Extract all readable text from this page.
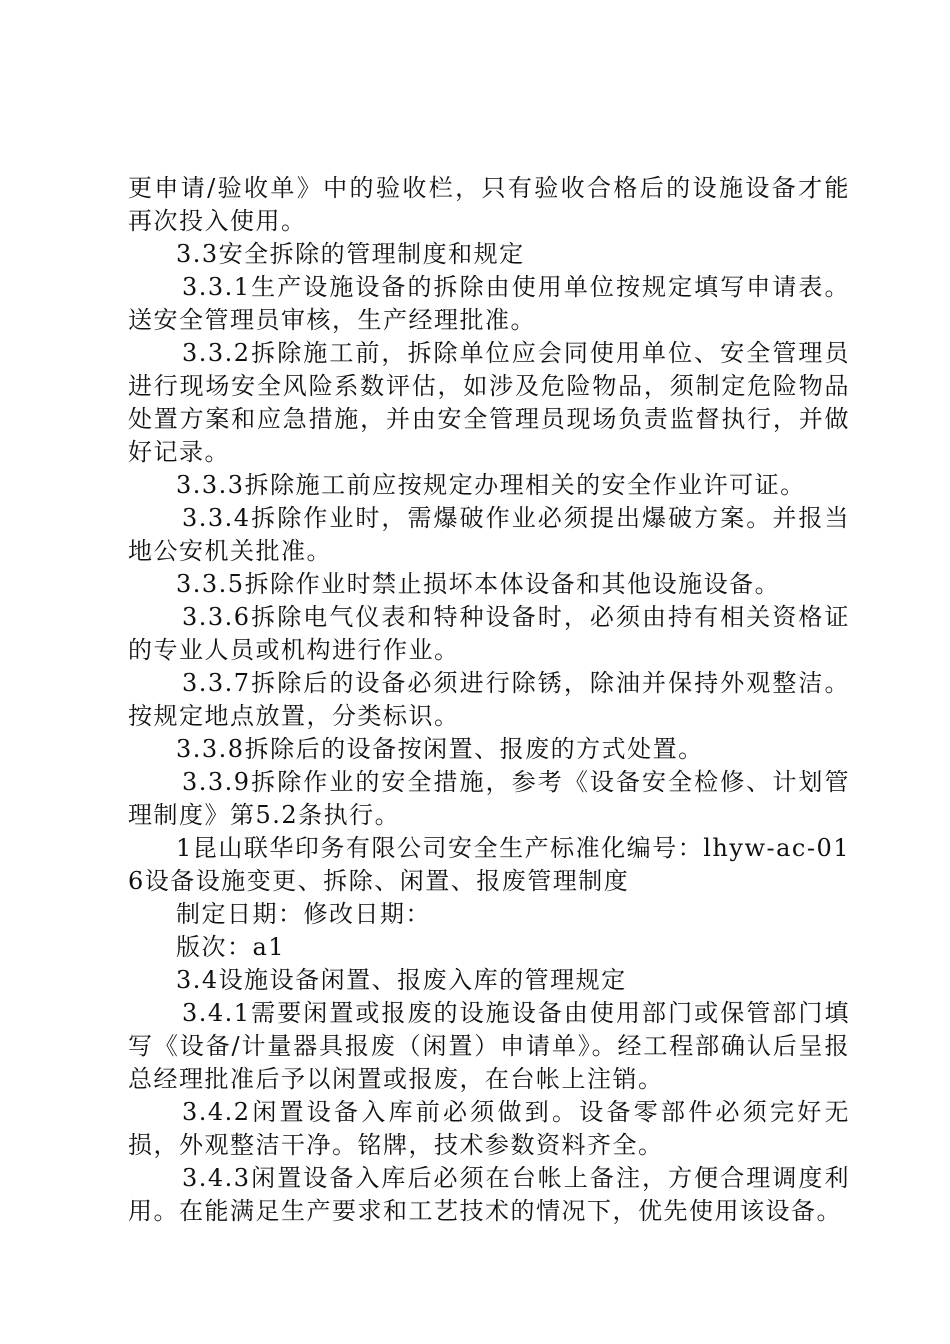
更申请/验收单》中的验收栏，只有验收合格后的设施设备才能再次投入使用。

3.3安全拆除的管理制度和规定

3.3.1生产设施设备的拆除由使用单位按规定填写申请表。送安全管理员审核，生产经理批准。

3.3.2拆除施工前，拆除单位应会同使用单位、安全管理员进行现场安全风险系数评估，如涉及危险物品，须制定危险物品处置方案和应急措施，并由安全管理员现场负责监督执行，并做好记录。

3.3.3拆除施工前应按规定办理相关的安全作业许可证。

3.3.4拆除作业时，需爆破作业必须提出爆破方案。并报当地公安机关批准。

3.3.5拆除作业时禁止损坏本体设备和其他设施设备。

3.3.6拆除电气仪表和特种设备时，必须由持有相关资格证的专业人员或机构进行作业。

3.3.7拆除后的设备必须进行除锈，除油并保持外观整洁。按规定地点放置，分类标识。

3.3.8拆除后的设备按闲置、报废的方式处置。

3.3.9拆除作业的安全措施，参考《设备安全检修、计划管理制度》第5.2条执行。

1昆山联华印务有限公司安全生产标准化编号：lhyw-ac-016设备设施变更、拆除、闲置、报废管理制度

制定日期：修改日期：

版次：a1

3.4设施设备闲置、报废入库的管理规定

3.4.1需要闲置或报废的设施设备由使用部门或保管部门填写《设备/计量器具报废（闲置）申请单》。经工程部确认后呈报总经理批准后予以闲置或报废，在台帐上注销。

3.4.2闲置设备入库前必须做到。设备零部件必须完好无损，外观整洁干净。铭牌，技术参数资料齐全。

3.4.3闲置设备入库后必须在台帐上备注，方便合理调度利用。在能满足生产要求和工艺技术的情况下，优先使用该设备。
